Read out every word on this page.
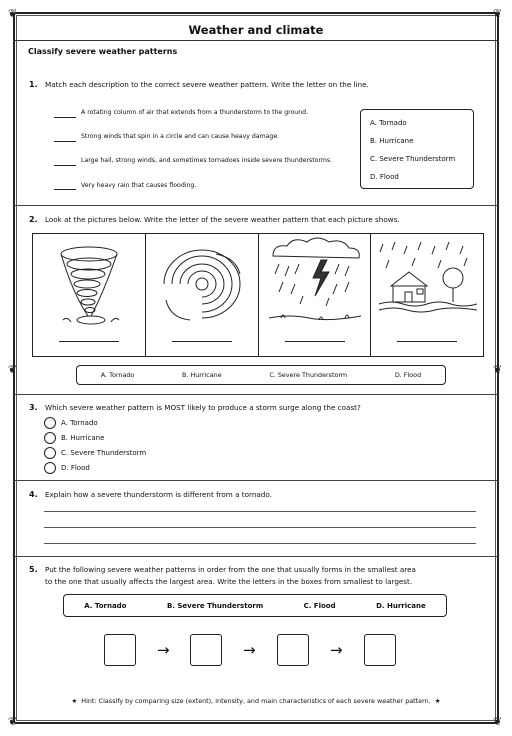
❦	❦
❦	❦
❦	❦
Weather and climate
Classify severe weather patterns
1. Match each description to the correct severe weather pattern. Write the letter on the line.
A rotating column of air that extends from a thunderstorm to the ground.
Strong winds that spin in a circle and can cause heavy damage.
Large hail, strong winds, and sometimes tornadoes inside severe thunderstorms.
Very heavy rain that causes flooding.
A. Tornado
B. Hurricane
C. Severe Thunderstorm
D. Flood
2. Look at the pictures below. Write the letter of the severe weather pattern that each picture shows.
A. Tornado	B. Hurricane	C. Severe Thunderstorm	D. Flood
3. Which severe weather pattern is MOST likely to produce a storm surge along the coast?
A. Tornado
B. Hurricane
C. Severe Thunderstorm
D. Flood
4. Explain how a severe thunderstorm is different from a tornado.
5. Put the following severe weather patterns in order from the one that usually forms in the smallest area
to the one that usually affects the largest area. Write the letters in the boxes from smallest to largest.
A. Tornado	B. Severe Thunderstorm	C. Flood	D. Hurricane
→	→	→
★ Hint: Classify by comparing size (extent), intensity, and main characteristics of each severe weather pattern. ★
